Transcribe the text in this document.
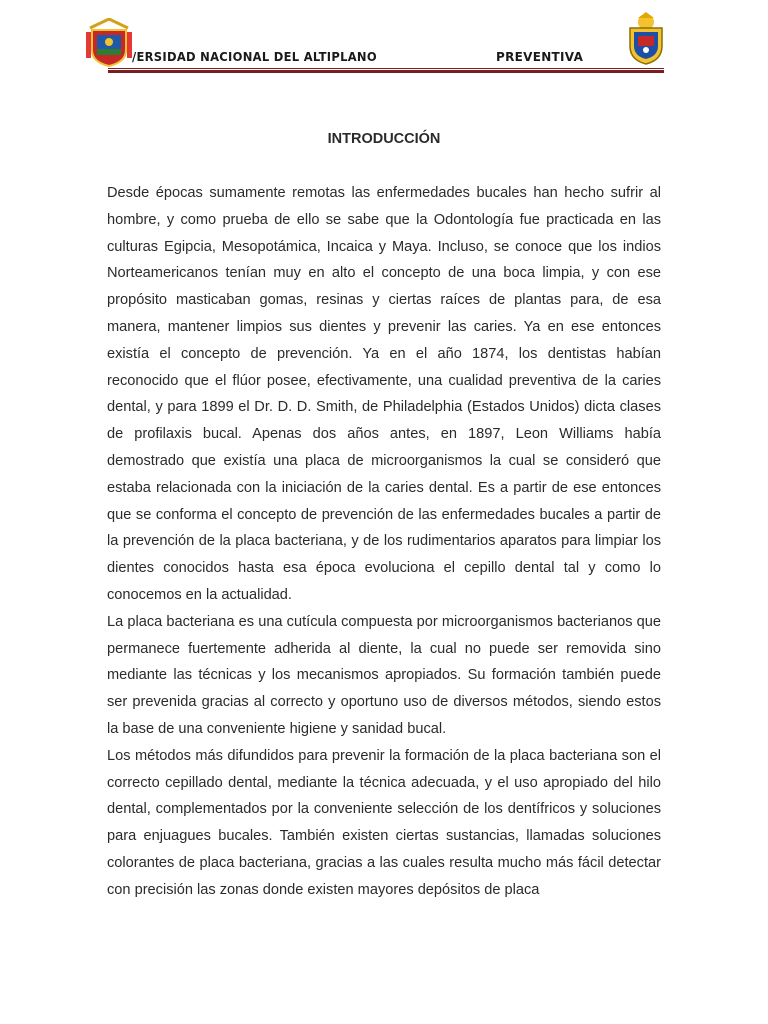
/ERSIDAD NACIONAL DEL ALTIPLANO	PREVENTIVA
INTRODUCCIÓN

Desde épocas sumamente remotas las enfermedades bucales han hecho sufrir al hombre, y como prueba de ello se sabe que la Odontología fue practicada en las culturas Egipcia, Mesopotámica, Incaica y Maya. Incluso, se conoce que los indios Norteamericanos tenían muy en alto el concepto de una boca limpia, y con ese propósito masticaban gomas, resinas y ciertas raíces de plantas para, de esa manera, mantener limpios sus dientes y prevenir las caries. Ya en ese entonces existía el concepto de prevención. Ya en el año 1874, los dentistas habían reconocido que el flúor posee, efectivamente, una cualidad preventiva de la caries dental, y para 1899 el Dr. D. D. Smith, de Philadelphia (Estados Unidos) dicta clases de profilaxis bucal. Apenas dos años antes, en 1897, Leon Williams había demostrado que existía una placa de microorganismos la cual se consideró que estaba relacionada con la iniciación de la caries dental. Es a partir de ese entonces que se conforma el concepto de prevención de las enfermedades bucales a partir de la prevención de la placa bacteriana, y de los rudimentarios aparatos para limpiar los dientes conocidos hasta esa época evoluciona el cepillo dental tal y como lo conocemos en la actualidad.

La placa bacteriana es una cutícula compuesta por microorganismos bacterianos que permanece fuertemente adherida al diente, la cual no puede ser removida sino mediante las técnicas y los mecanismos apropiados. Su formación también puede ser prevenida gracias al correcto y oportuno uso de diversos métodos, siendo estos la base de una conveniente higiene y sanidad bucal.

Los métodos más difundidos para prevenir la formación de la placa bacteriana son el correcto cepillado dental, mediante la técnica adecuada, y el uso apropiado del hilo dental, complementados por la conveniente selección de los dentífricos y soluciones para enjuagues bucales. También existen ciertas sustancias, llamadas soluciones colorantes de placa bacteriana, gracias a las cuales resulta mucho más fácil detectar con precisión las zonas donde existen mayores depósitos de placa
